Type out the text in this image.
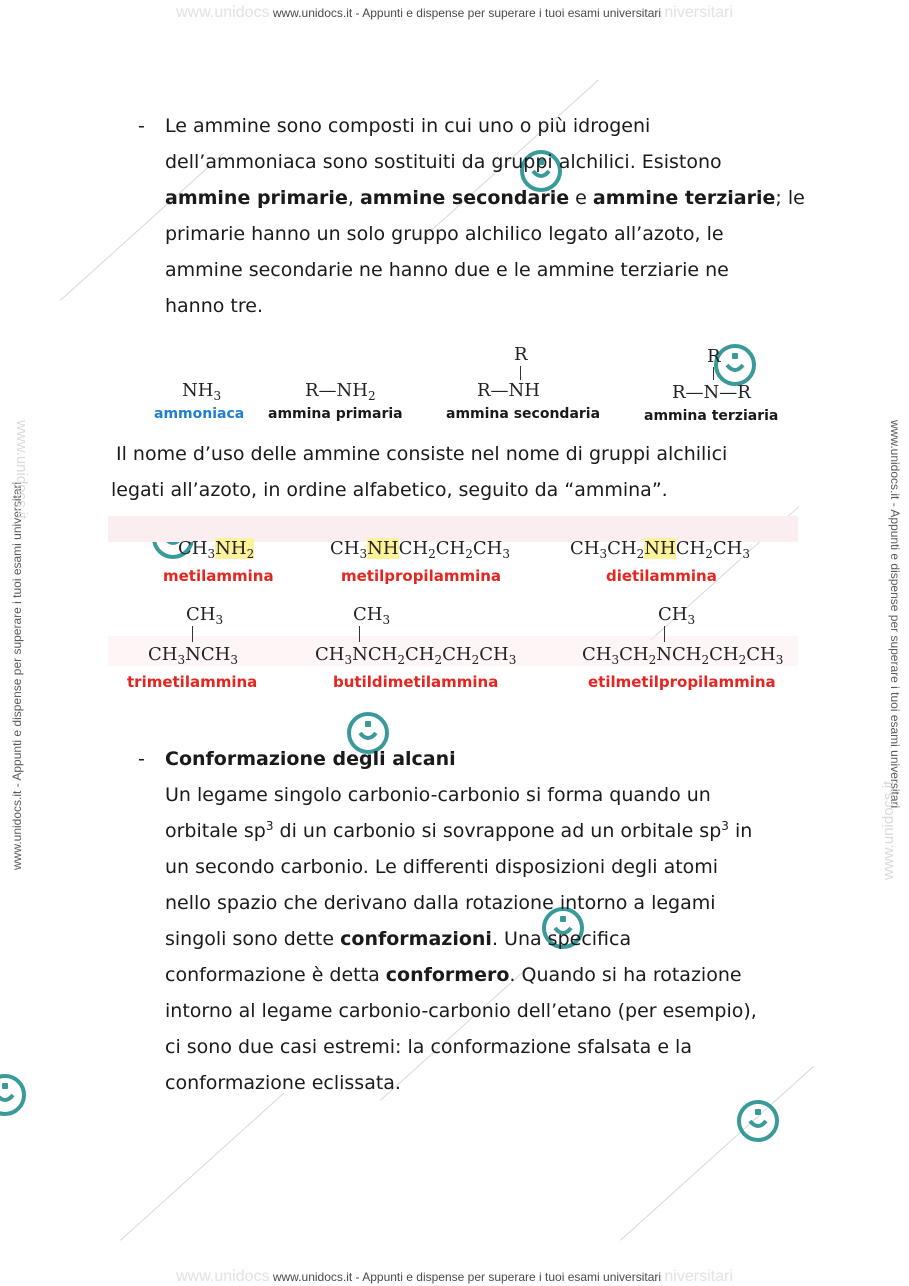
www.unidocs www.unidocs.it - Appunti e dispense per superare i tuoi esami universitari niversitari
www.unidocs www.unidocs.it - Appunti e dispense per superare i tuoi esami universitari niversitari
www.unidocs.it - Appunti e dispense per superare i tuoi esami universitari	www.unidocs.it - Appunti e dispense per superare i tuoi esami universitari
www.unidocs.it
www.unidocs.it
- Le ammine sono composti in cui uno o più idrogeni
dell’ammoniaca sono sostituiti da gruppi alchilici. Esistono
ammine primarie, ammine secondarie e ammine terziarie; le
primarie hanno un solo gruppo alchilico legato all’azoto, le
ammine secondarie ne hanno due e le ammine terziarie ne
hanno tre.
$NH_3$
ammoniaca
$R—NH_2$
ammina primaria
R
R—NH
ammina secondaria
R
R—N—R
ammina terziaria
Il nome d’uso delle ammine consiste nel nome di gruppi alchilici
legati all’azoto, in ordine alfabetico, seguito da “ammina”.
$CH_3NH_2$
metilammina
$CH_3NHCH_2CH_2CH_3$
metilpropilammina
$CH_3CH_2NHCH_2CH_3$
dietilammina
$CH_3$
$CH_3NCH_3$
trimetilammina
$CH_3$
$CH_3NCH_2CH_2CH_2CH_3$
butildimetilammina
$CH_3$
$CH_3CH_2NCH_2CH_2CH_3$
etilmetilpropilammina
- Conformazione degli alcani
Un legame singolo carbonio-carbonio si forma quando un
orbitale $sp^3$ di un carbonio si sovrappone ad un orbitale $sp^3$ in
un secondo carbonio. Le differenti disposizioni degli atomi
nello spazio che derivano dalla rotazione intorno a legami
singoli sono dette conformazioni. Una specifica
conformazione è detta conformero. Quando si ha rotazione
intorno al legame carbonio-carbonio dell’etano (per esempio),
ci sono due casi estremi: la conformazione sfalsata e la
conformazione eclissata.
